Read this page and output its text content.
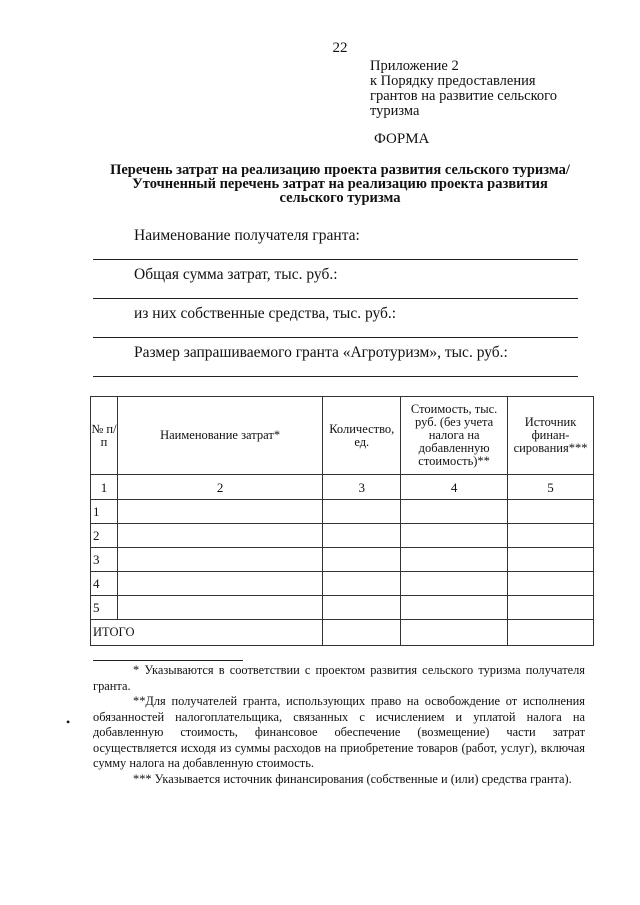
22
Приложение 2
к Порядку предоставления
грантов на развитие сельского
туризма
ФОРМА
Перечень затрат на реализацию проекта развития сельского туризма/
Уточненный перечень затрат на реализацию проекта развития
сельского туризма
Наименование получателя гранта:
Общая сумма затрат, тыс. руб.:
из них собственные средства, тыс. руб.:
Размер запрашиваемого гранта «Агротуризм», тыс. руб.:
№ п/п	Наименование затрат*	Количество, ед.	Стоимость, тыс. руб. (без учета налога на добавленную стоимость)**	Источник финан-сирования***
1	2	3	4	5
1				
2				
3				
4				
5				
ИТОГО				
* Указываются в соответствии с проектом развития сельского туризма получателя гранта.
**Для получателей гранта, использующих право на освобождение от исполнения обязанностей налогоплательщика, связанных с исчислением и уплатой налога на добавленную стоимость, финансовое обеспечение (возмещение) части затрат осуществляется исходя из суммы расходов на приобретение товаров (работ, услуг), включая сумму налога на добавленную стоимость.
*** Указывается источник финансирования (собственные и (или) средства гранта).
•
